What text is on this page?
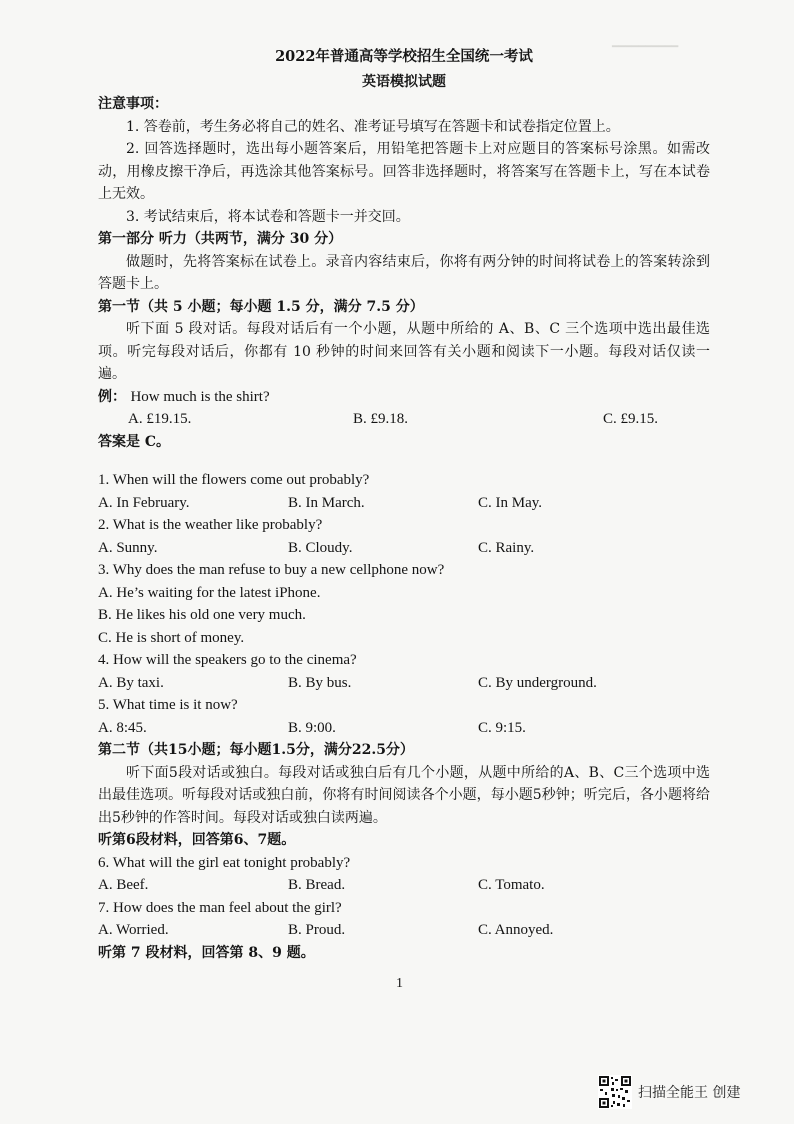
━━━━━━━━━━
2022年普通高等学校招生全国统一考试
英语模拟试题
注意事项：
1. 答卷前，考生务必将自己的姓名、准考证号填写在答题卡和试卷指定位置上。
2. 回答选择题时，选出每小题答案后，用铅笔把答题卡上对应题目的答案标号涂黑。如需改动，用橡皮擦干净后，再选涂其他答案标号。回答非选择题时，将答案写在答题卡上，写在本试卷上无效。
3. 考试结束后，将本试卷和答题卡一并交回。
第一部分 听力（共两节，满分 30 分）
做题时，先将答案标在试卷上。录音内容结束后，你将有两分钟的时间将试卷上的答案转涂到答题卡上。
第一节（共 5 小题；每小题 1.5 分，满分 7.5 分）
听下面 5 段对话。每段对话后有一个小题，从题中所给的 A、B、C 三个选项中选出最佳选项。听完每段对话后，你都有 10 秒钟的时间来回答有关小题和阅读下一小题。每段对话仅读一遍。
例： How much is the shirt?
A. £19.15.	B. £9.18.	C. £9.15.
答案是 C。
1. When will the flowers come out probably?
A. In February.	B. In March.	C. In May.
2. What is the weather like probably?
A. Sunny.	B. Cloudy.	C. Rainy.
3. Why does the man refuse to buy a new cellphone now?
A. He’s waiting for the latest iPhone.
B. He likes his old one very much.
C. He is short of money.
4. How will the speakers go to the cinema?
A. By taxi.	B. By bus.	C. By underground.
5. What time is it now?
A. 8:45.	B. 9:00.	C. 9:15.
第二节（共15小题；每小题1.5分，满分22.5分）
听下面5段对话或独白。每段对话或独白后有几个小题，从题中所给的A、B、C三个选项中选出最佳选项。听每段对话或独白前，你将有时间阅读各个小题，每小题5秒钟；听完后，各小题将给出5秒钟的作答时间。每段对话或独白读两遍。
听第6段材料，回答第6、7题。
6. What will the girl eat tonight probably?
A. Beef.	B. Bread.	C. Tomato.
7. How does the man feel about the girl?
A. Worried.	B. Proud.	C. Annoyed.
听第 7 段材料，回答第 8、9 题。
1
扫描全能王 创建
